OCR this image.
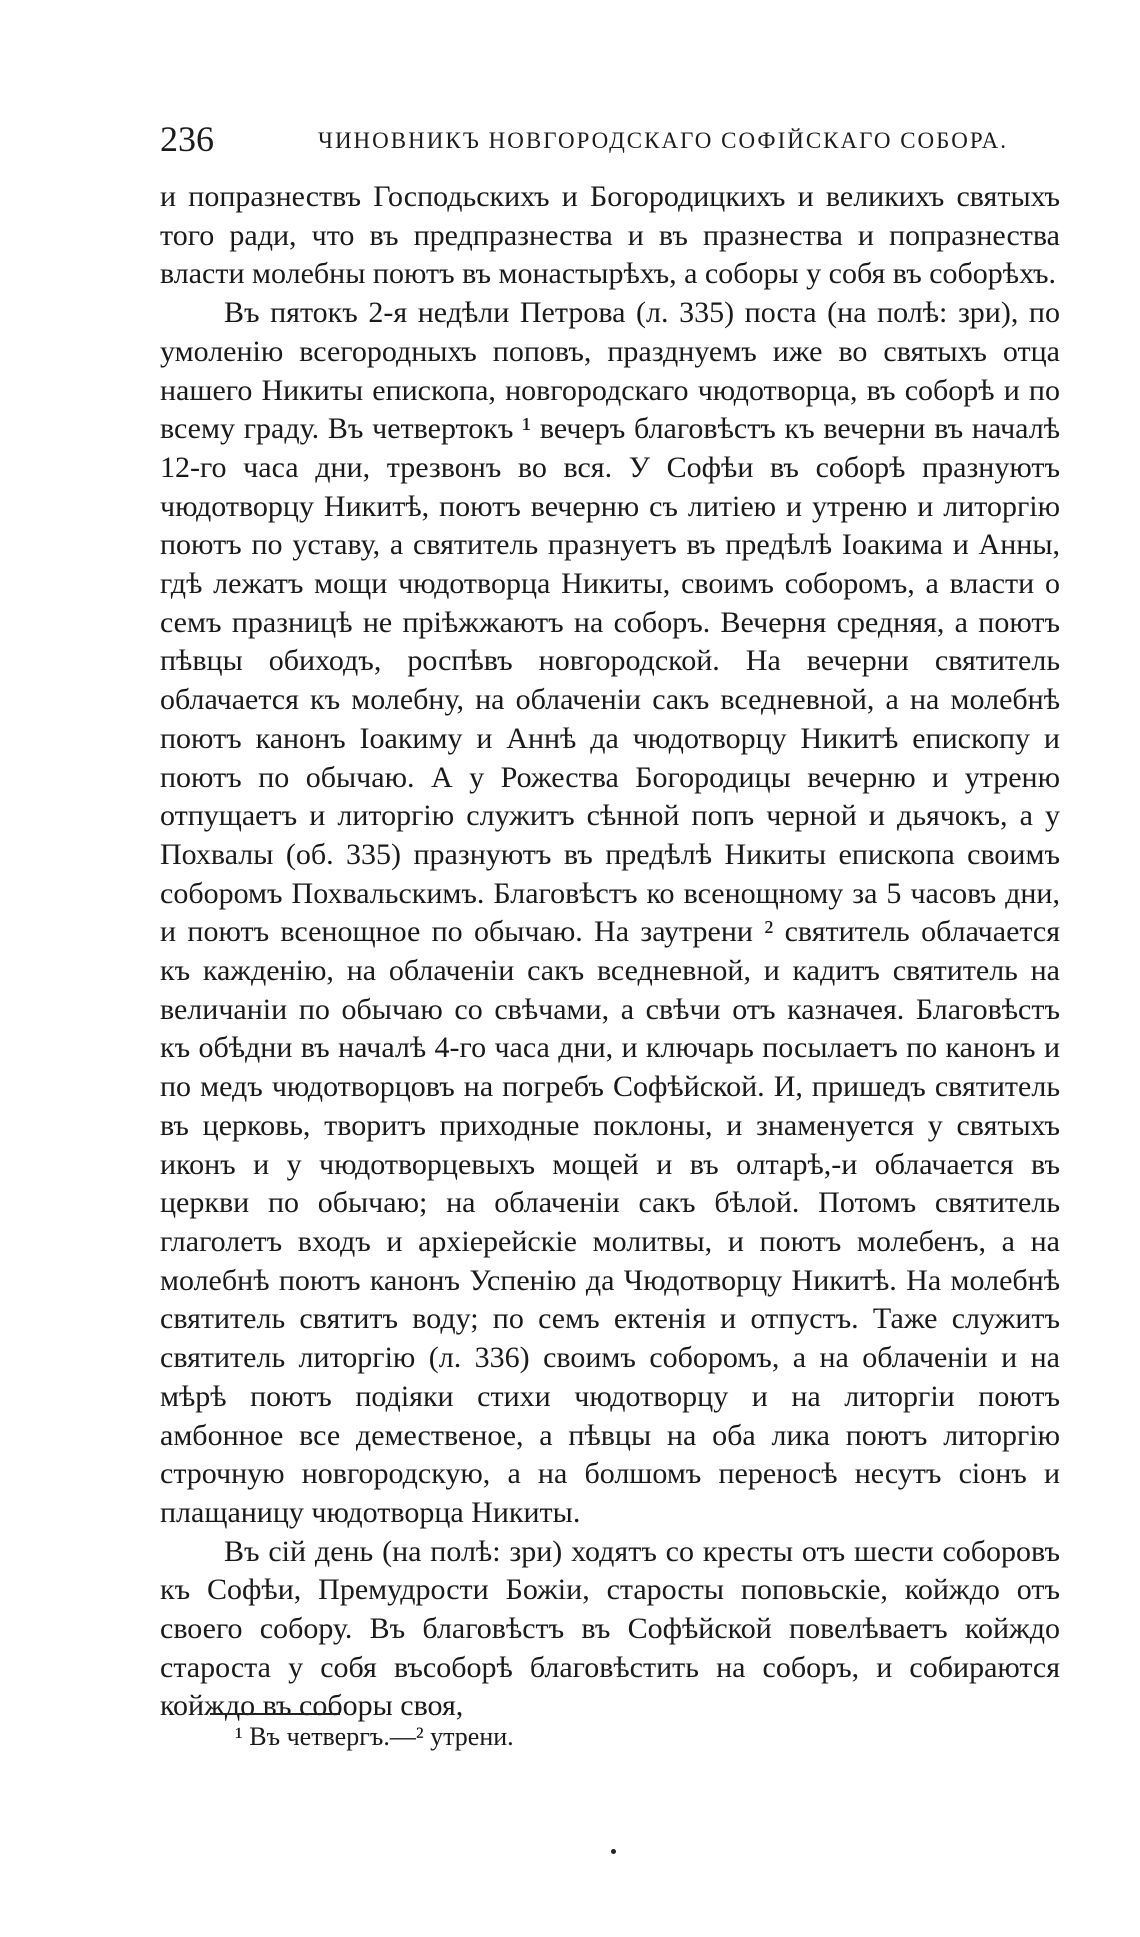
236	ЧИНОВНИКЪ НОВГОРОДСКАГО СОФІЙСКАГО СОБОРА.

и попразнествъ Господьскихъ и Богородицкихъ и великихъ святыхъ того ради, что въ предпразнества и въ празнества и попразнества власти молебны поютъ въ монастырѣхъ, а соборы у собя въ соборѣхъ.

Въ пятокъ 2-я недѣли Петрова (л. 335) поста (на полѣ: зри), по умоленію всегородныхъ поповъ, празднуемъ иже во святыхъ отца нашего Никиты епископа, новгородскаго чюдотворца, въ соборѣ и по всему граду. Въ четвертокъ ¹ вечеръ благовѣстъ къ вечерни въ началѣ 12-го часа дни, трезвонъ во вся. У Софѣи въ соборѣ празнуютъ чюдотворцу Никитѣ, поютъ вечерню съ литіею и утреню и литоргію поютъ по уставу, а святитель празнуетъ въ предѣлѣ Іоакима и Анны, гдѣ лежатъ мощи чюдотворца Никиты, своимъ соборомъ, а власти о семъ празницѣ не пріѣжжаютъ на соборъ. Вечерня средняя, а поютъ пѣвцы обиходъ, роспѣвъ новгородской. На вечерни святитель облачается къ молебну, на облаченіи сакъ вседневной, а на молебнѣ поютъ канонъ Іоакиму и Аннѣ да чюдотворцу Никитѣ епископу и поютъ по обычаю. А у Рожества Богородицы вечерню и утреню отпущаетъ и литоргію служитъ сѣнной попъ черной и дьячокъ, а у Похвалы (об. 335) празнуютъ въ предѣлѣ Никиты епископа своимъ соборомъ Похвальскимъ. Благовѣстъ ко всенощному за 5 часовъ дни, и поютъ всенощное по обычаю. На заутрени ² святитель облачается къ кажденію, на облаченіи сакъ вседневной, и кадитъ святитель на величаніи по обычаю со свѣчами, а свѣчи отъ казначея. Благовѣстъ къ обѣдни въ началѣ 4-го часа дни, и ключарь посылаетъ по канонъ и по медъ чюдотворцовъ на погребъ Софѣйской. И, пришедъ святитель въ церковь, творитъ приходные поклоны, и знаменуется у святыхъ иконъ и у чюдотворцевыхъ мощей и въ олтарѣ,-и облачается въ церкви по обычаю; на облаченіи сакъ бѣлой. Потомъ святитель глаголетъ входъ и архіерейскіе молитвы, и поютъ молебенъ, а на молебнѣ поютъ канонъ Успенію да Чюдотворцу Никитѣ. На молебнѣ святитель святитъ воду; по семъ ектенія и отпустъ. Таже служитъ святитель литоргію (л. 336) своимъ соборомъ, а на облаченіи и на мѣрѣ поютъ подіяки стихи чюдотворцу и на литоргіи поютъ амбонное все демественое, а пѣвцы на оба лика поютъ литоргію строчную новгородскую, а на болшомъ переносѣ несутъ сіонъ и плащаницу чюдотворца Никиты.

Въ сій день (на полѣ: зри) ходятъ со кресты отъ шести соборовъ къ Софѣи, Премудрости Божіи, старосты поповьскіе, койждо отъ своего собору. Въ благовѣстъ въ Софѣйской повелѣваетъ койждо староста у собя въсоборѣ благовѣстить на соборъ, и собираются койждо въ соборы своя,

¹ Въ четвергъ.—² утрени.
